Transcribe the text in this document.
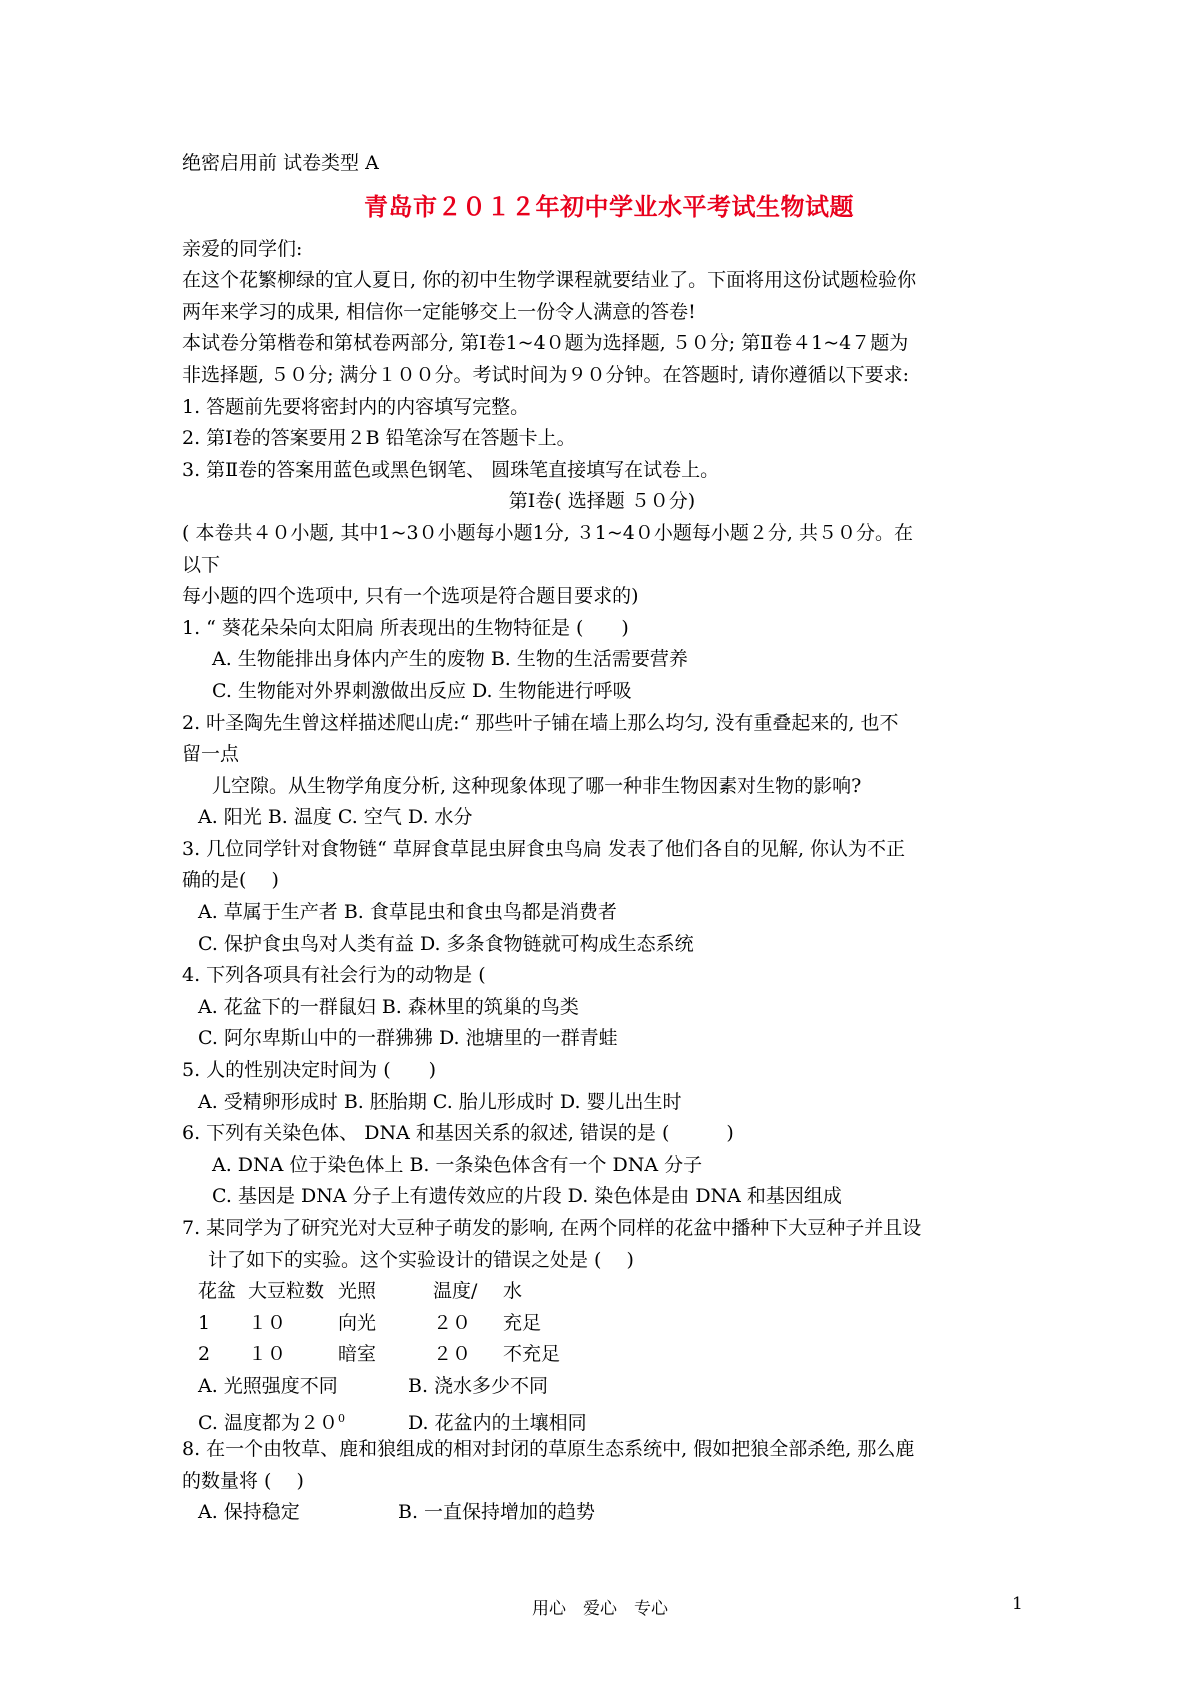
绝密启用前 试卷类型 A
青岛市２０１２年初中学业水平考试生物试题
亲爱的同学们:
在这个花繁柳绿的宜人夏日, 你的初中生物学课程就要结业了。下面将用这份试题检验你
两年来学习的成果, 相信你一定能够交上一份令人满意的答卷!
本试卷分第楷卷和第栻卷两部分, 第Ⅰ卷1~4０题为选择题, ５０分; 第Ⅱ卷４1~4７题为
非选择题, ５０分; 满分１００分。考试时间为９０分钟。在答题时, 请你遵循以下要求:
1. 答题前先要将密封内的内容填写完整。
2. 第Ⅰ卷的答案要用２B 铅笔涂写在答题卡上。
3. 第Ⅱ卷的答案用蓝色或黑色钢笔、 圆珠笔直接填写在试卷上。
第Ⅰ卷( 选择题 ５０分)
( 本卷共４０小题, 其中1~3０小题每小题1分, ３1~4０小题每小题２分, 共５０分。在
以下
每小题的四个选项中, 只有一个选项是符合题目要求的)
1. “ 葵花朵朵向太阳扃 所表现出的生物特征是 (　　)
A. 生物能排出身体内产生的废物 B. 生物的生活需要营养
C. 生物能对外界刺激做出反应 D. 生物能进行呼吸
2. 叶圣陶先生曾这样描述爬山虎:“ 那些叶子铺在墙上那么均匀, 没有重叠起来的, 也不
留一点
儿空隙。从生物学角度分析, 这种现象体现了哪一种非生物因素对生物的影响?
A. 阳光 B. 温度 C. 空气 D. 水分
3. 几位同学针对食物链“ 草屛食草昆虫屛食虫鸟扃 发表了他们各自的见解, 你认为不正
确的是(　 )
A. 草属于生产者 B. 食草昆虫和食虫鸟都是消费者
C. 保护食虫鸟对人类有益 D. 多条食物链就可构成生态系统
4. 下列各项具有社会行为的动物是 (
A. 花盆下的一群鼠妇 B. 森林里的筑巢的鸟类
C. 阿尔卑斯山中的一群狒狒 D. 池塘里的一群青蛙
5. 人的性别决定时间为 (　　)
A. 受精卵形成时 B. 胚胎期 C. 胎儿形成时 D. 婴儿出生时
6. 下列有关染色体、 DNA 和基因关系的叙述, 错误的是 (　　　)
A. DNA 位于染色体上 B. 一条染色体含有一个 DNA 分子
C. 基因是 DNA 分子上有遗传效应的片段 D. 染色体是由 DNA 和基因组成
7. 某同学为了研究光对大豆种子萌发的影响, 在两个同样的花盆中播种下大豆种子并且设
计了如下的实验。这个实验设计的错误之处是 (　 )
花盆 大豆粒数 光照	温度/ 水
1 １０	向光	２０ 充足
2 １０	暗室	２０ 不充足
A. 光照强度不同	B. 浇水多少不同
C. 温度都为$20^0$	D. 花盆内的土壤相同
8. 在一个由牧草、鹿和狼组成的相对封闭的草原生态系统中, 假如把狼全部杀绝, 那么鹿
的数量将 (　 )
A. 保持稳定	B. 一直保持增加的趋势
用心　爱心　专心	1
